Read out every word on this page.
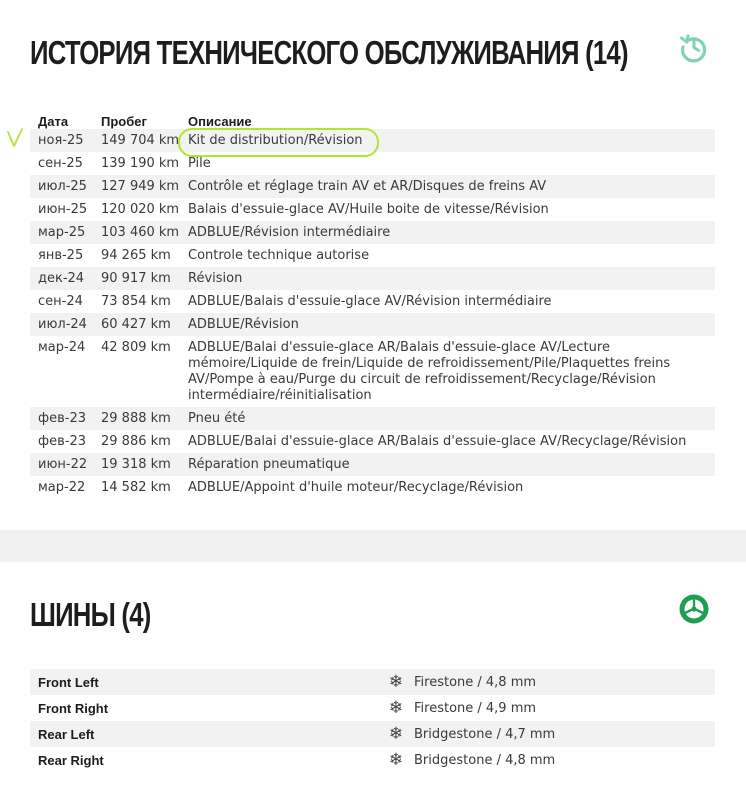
ИСТОРИЯ ТЕХНИЧЕСКОГО ОБСЛУЖИВАНИЯ (14)
Дата	Пробег	Описание
ноя-25	149 704 km	Kit de distribution/Révision
сен-25	139 190 km	Pile
июл-25	127 949 km	Contrôle et réglage train AV et AR/Disques de freins AV
июн-25	120 020 km	Balais d'essuie-glace AV/Huile boite de vitesse/Révision
мар-25	103 460 km	ADBLUE/Révision intermédiaire
янв-25	94 265 km	Controle technique autorise
дек-24	90 917 km	Révision
сен-24	73 854 km	ADBLUE/Balais d'essuie-glace AV/Révision intermédiaire
июл-24	60 427 km	ADBLUE/Révision
мар-24	42 809 km	ADBLUE/Balai d'essuie-glace AR/Balais d'essuie-glace AV/Lecture mémoire/Liquide de frein/Liquide de refroidissement/Pile/Plaquettes freins AV/Pompe à eau/Purge du circuit de refroidissement/Recyclage/Révision intermédiaire/réinitialisation
фев-23	29 888 km	Pneu été
фев-23	29 886 km	ADBLUE/Balai d'essuie-glace AR/Balais d'essuie-glace AV/Recyclage/Révision
июн-22	19 318 km	Réparation pneumatique
мар-22	14 582 km	ADBLUE/Appoint d'huile moteur/Recyclage/Révision
ШИНЫ (4)
Front Left	❄ Firestone / 4,8 mm
Front Right	❄ Firestone / 4,9 mm
Rear Left	❄ Bridgestone / 4,7 mm
Rear Right	❄ Bridgestone / 4,8 mm
